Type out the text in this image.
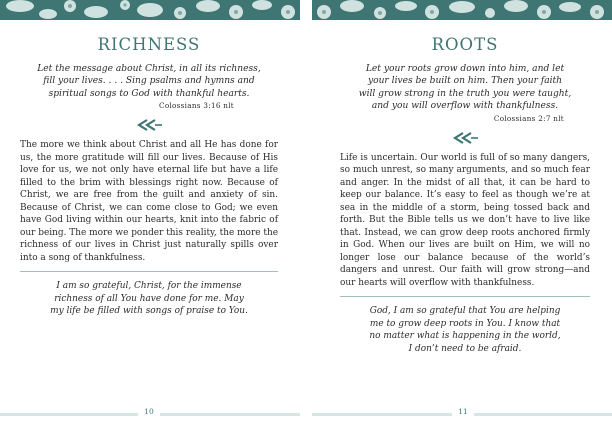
RICHNESS
Let the message about Christ, in all its richness,
fill your lives. . . . Sing psalms and hymns and
spiritual songs to God with thankful hearts.
Colossians 3:16 nlt
The more we think about Christ and all He has done for us, the more gratitude will fill our lives. Because of His love for us, we not only have eternal life but have a life filled to the brim with blessings right now. Because of Christ, we are free from the guilt and anxiety of sin. Because of Christ, we can come close to God; we even have God living within our hearts, knit into the fabric of our being. The more we ponder this reality, the more the richness of our lives in Christ just naturally spills over into a song of thankfulness.
I am so grateful, Christ, for the immense
richness of all You have done for me. May
my life be filled with songs of praise to You.
ROOTS
Let your roots grow down into him, and let
your lives be built on him. Then your faith
will grow strong in the truth you were taught,
and you will overflow with thankfulness.
Colossians 2:7 nlt
Life is uncertain. Our world is full of so many dangers, so much unrest, so many arguments, and so much fear and anger. In the midst of all that, it can be hard to keep our balance. It’s easy to feel as though we’re at sea in the middle of a storm, being tossed back and forth. But the Bible tells us we don’t have to live like that. Instead, we can grow deep roots anchored firmly in God. When our lives are built on Him, we will no longer lose our balance because of the world’s dangers and unrest. Our faith will grow strong—and our hearts will overflow with thankfulness.
God, I am so grateful that You are helping
me to grow deep roots in You. I know that
no matter what is happening in the world,
I don’t need to be afraid.
10	11
